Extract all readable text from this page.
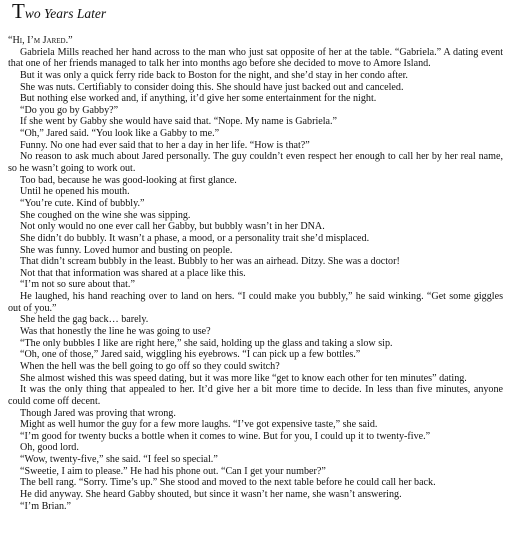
Two Years Later

“Hi, I’m Jared.”

Gabriela Mills reached her hand across to the man who just sat opposite of her at the table. “Gabriela.” A dating event that one of her friends managed to talk her into months ago before she decided to move to Amore Island.

But it was only a quick ferry ride back to Boston for the night, and she’d stay in her condo after.

She was nuts. Certifiably to consider doing this. She should have just backed out and canceled.

But nothing else worked and, if anything, it’d give her some entertainment for the night.

“Do you go by Gabby?”

If she went by Gabby she would have said that. “Nope. My name is Gabriela.”

“Oh,” Jared said. “You look like a Gabby to me.”

Funny. No one had ever said that to her a day in her life. “How is that?”

No reason to ask much about Jared personally. The guy couldn’t even respect her enough to call her by her real name, so he wasn’t going to work out.

Too bad, because he was good-looking at first glance.

Until he opened his mouth.

“You’re cute. Kind of bubbly.”

She coughed on the wine she was sipping.

Not only would no one ever call her Gabby, but bubbly wasn’t in her DNA.

She didn’t do bubbly. It wasn’t a phase, a mood, or a personality trait she’d misplaced.

She was funny. Loved humor and busting on people.

That didn’t scream bubbly in the least. Bubbly to her was an airhead. Ditzy. She was a doctor!

Not that that information was shared at a place like this.

“I’m not so sure about that.”

He laughed, his hand reaching over to land on hers. “I could make you bubbly,” he said winking. “Get some giggles out of you.”

She held the gag back… barely.

Was that honestly the line he was going to use?

“The only bubbles I like are right here,” she said, holding up the glass and taking a slow sip.

“Oh, one of those,” Jared said, wiggling his eyebrows. “I can pick up a few bottles.”

When the hell was the bell going to go off so they could switch?

She almost wished this was speed dating, but it was more like “get to know each other for ten minutes” dating.

It was the only thing that appealed to her. It’d give her a bit more time to decide. In less than five minutes, anyone could come off decent.

Though Jared was proving that wrong.

Might as well humor the guy for a few more laughs. “I’ve got expensive taste,” she said.

“I’m good for twenty bucks a bottle when it comes to wine. But for you, I could up it to twenty-five.”

Oh, good lord.

“Wow, twenty-five,” she said. “I feel so special.”

“Sweetie, I aim to please.” He had his phone out. “Can I get your number?”

The bell rang. “Sorry. Time’s up.” She stood and moved to the next table before he could call her back.

He did anyway. She heard Gabby shouted, but since it wasn’t her name, she wasn’t answering.

“I’m Brian.”
